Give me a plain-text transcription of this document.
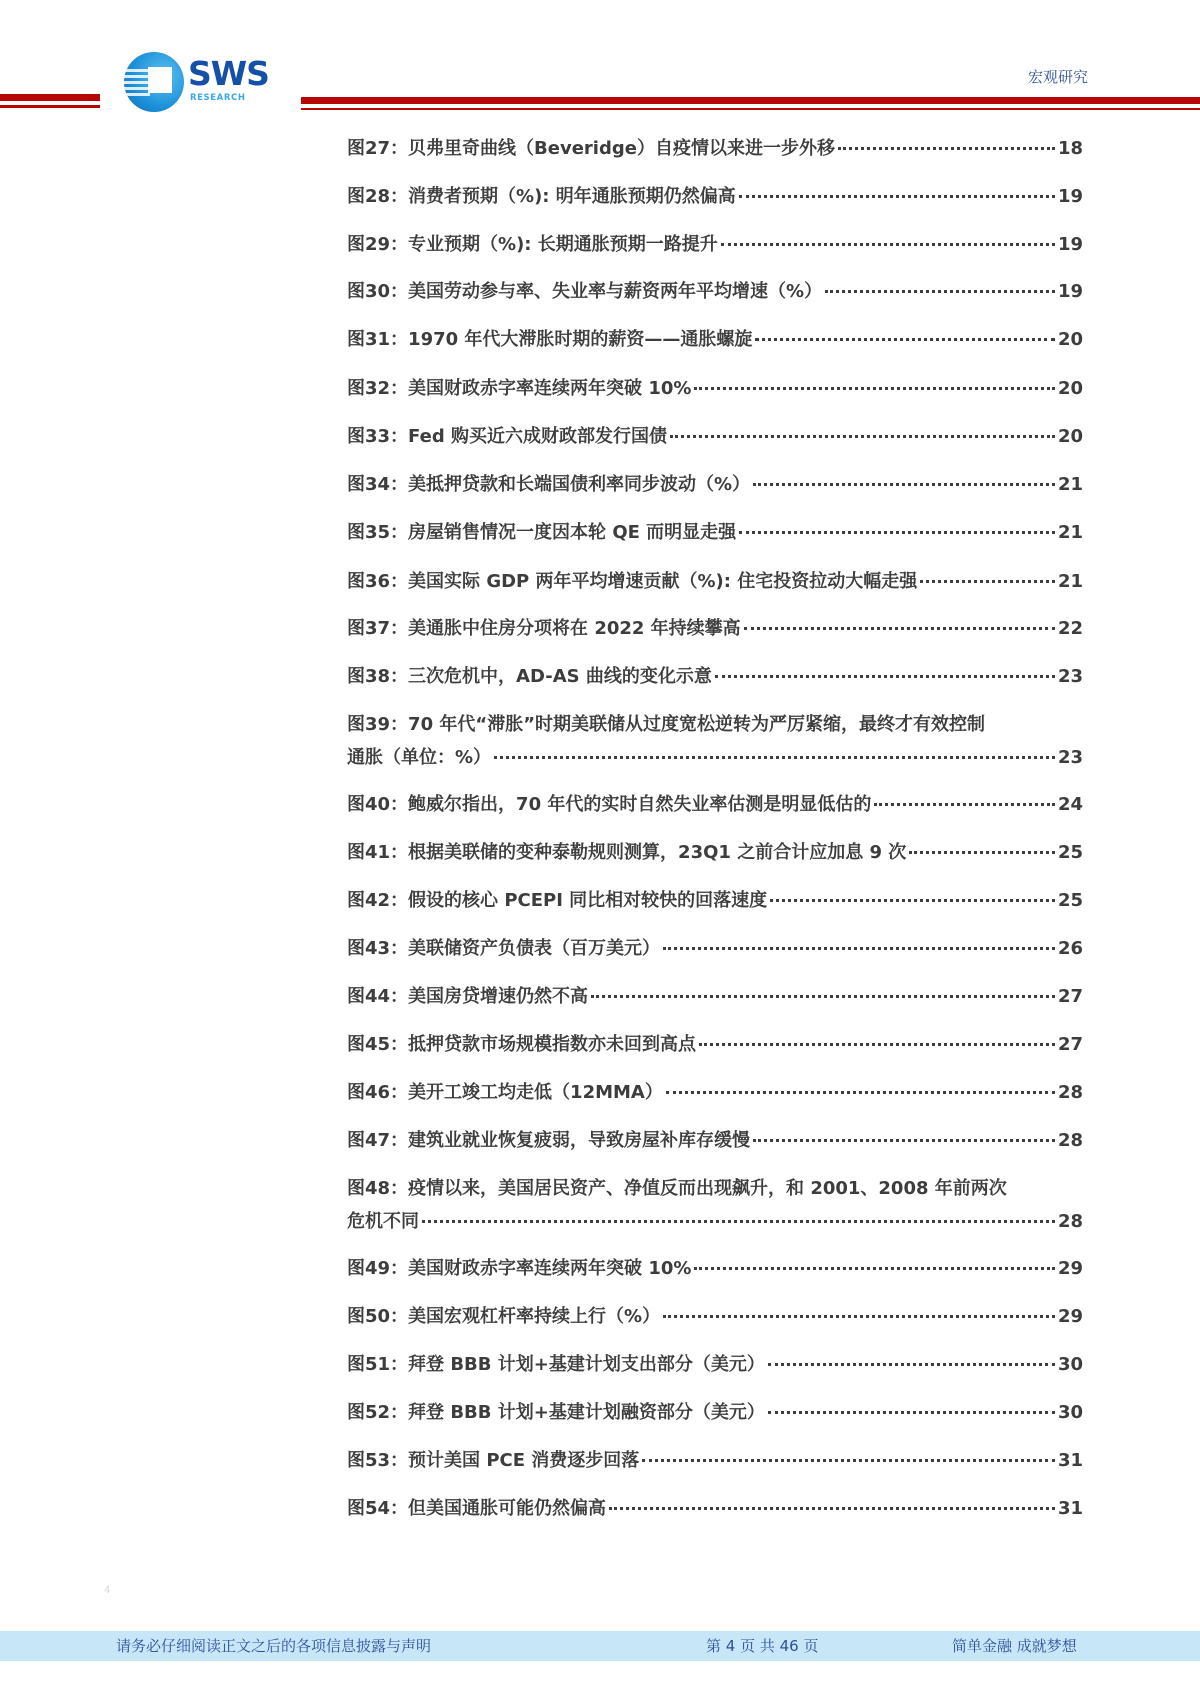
SWS
RESEARCH
宏观研究
图27：贝弗里奇曲线（Beveridge）自疫情以来进一步外移	18
图28：消费者预期（%): 明年通胀预期仍然偏高	19
图29：专业预期（%): 长期通胀预期一路提升	19
图30：美国劳动参与率、失业率与薪资两年平均增速（%）	19
图31：1970 年代大滞胀时期的薪资——通胀螺旋	20
图32：美国财政赤字率连续两年突破 10%	20
图33：Fed 购买近六成财政部发行国债	20
图34：美抵押贷款和长端国债利率同步波动（%）	21
图35：房屋销售情况一度因本轮 QE 而明显走强	21
图36：美国实际 GDP 两年平均增速贡献（%): 住宅投资拉动大幅走强	21
图37：美通胀中住房分项将在 2022 年持续攀高	22
图38：三次危机中，AD-AS 曲线的变化示意	23
图39：70 年代“滞胀”时期美联储从过度宽松逆转为严厉紧缩，最终才有效控制
通胀（单位：%）	23
图40：鲍威尔指出，70 年代的实时自然失业率估测是明显低估的	24
图41：根据美联储的变种泰勒规则测算，23Q1 之前合计应加息 9 次	25
图42：假设的核心 PCEPI 同比相对较快的回落速度	25
图43：美联储资产负债表（百万美元）	26
图44：美国房贷增速仍然不高	27
图45：抵押贷款市场规模指数亦未回到高点	27
图46：美开工竣工均走低（12MMA）	28
图47：建筑业就业恢复疲弱，导致房屋补库存缓慢	28
图48：疫情以来，美国居民资产、净值反而出现飙升，和 2001、2008 年前两次
危机不同	28
图49：美国财政赤字率连续两年突破 10%	29
图50：美国宏观杠杆率持续上行（%）	29
图51：拜登 BBB 计划+基建计划支出部分（美元）	30
图52：拜登 BBB 计划+基建计划融资部分（美元）	30
图53：预计美国 PCE 消费逐步回落	31
图54：但美国通胀可能仍然偏高	31
4
请务必仔细阅读正文之后的各项信息披露与声明	第 4 页 共 46 页	简单金融 成就梦想
